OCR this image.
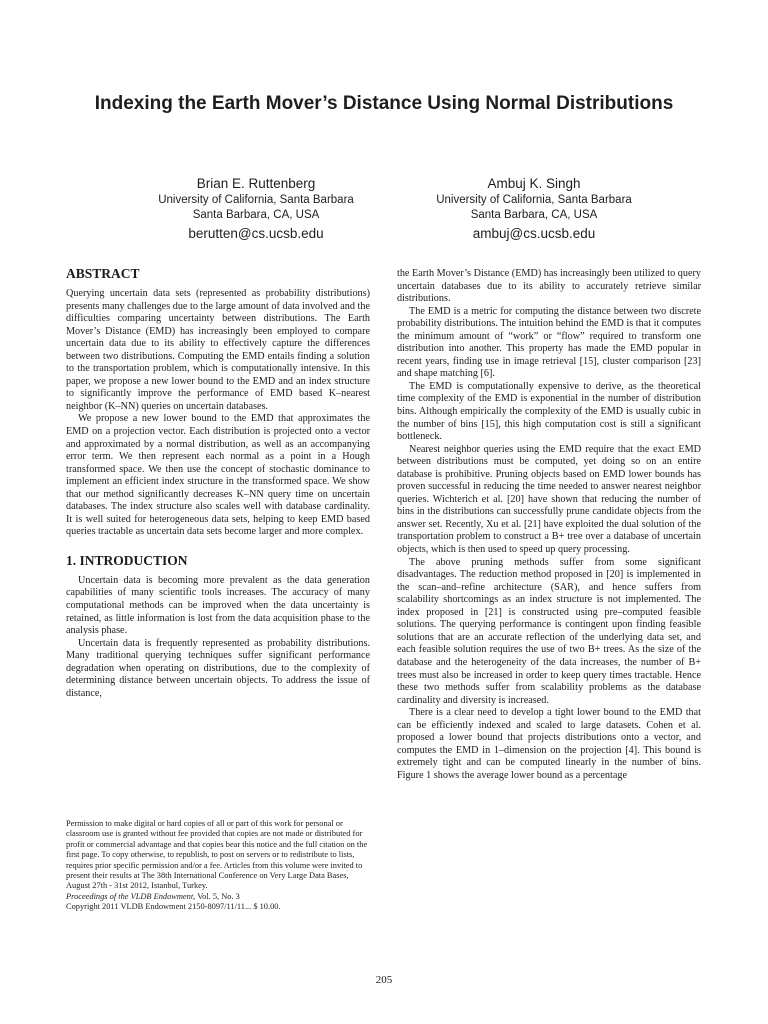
Indexing the Earth Mover’s Distance Using Normal Distributions
Brian E. Ruttenberg
University of California, Santa Barbara
Santa Barbara, CA, USA
berutten@cs.ucsb.edu
Ambuj K. Singh
University of California, Santa Barbara
Santa Barbara, CA, USA
ambuj@cs.ucsb.edu
ABSTRACT

Querying uncertain data sets (represented as probability distributions) presents many challenges due to the large amount of data involved and the difficulties comparing uncertainty between distributions. The Earth Mover’s Distance (EMD) has increasingly been employed to compare uncertain data due to its ability to effectively capture the differences between two distributions. Computing the EMD entails finding a solution to the transportation problem, which is computationally intensive. In this paper, we propose a new lower bound to the EMD and an index structure to significantly improve the performance of EMD based K–nearest neighbor (K–NN) queries on uncertain databases.

We propose a new lower bound to the EMD that approximates the EMD on a projection vector. Each distribution is projected onto a vector and approximated by a normal distribution, as well as an accompanying error term. We then represent each normal as a point in a Hough transformed space. We then use the concept of stochastic dominance to implement an efficient index structure in the transformed space. We show that our method significantly decreases K–NN query time on uncertain databases. The index structure also scales well with database cardinality. It is well suited for heterogeneous data sets, helping to keep EMD based queries tractable as uncertain data sets become larger and more complex.

1. INTRODUCTION

Uncertain data is becoming more prevalent as the data generation capabilities of many scientific tools increases. The accuracy of many computational methods can be improved when the data uncertainty is retained, as little information is lost from the data acquisition phase to the analysis phase.

Uncertain data is frequently represented as probability distributions. Many traditional querying techniques suffer significant performance degradation when operating on distributions, due to the complexity of determining distance between uncertain objects. To address the issue of distance,

the Earth Mover’s Distance (EMD) has increasingly been utilized to query uncertain databases due to its ability to accurately retrieve similar distributions.

The EMD is a metric for computing the distance between two discrete probability distributions. The intuition behind the EMD is that it computes the minimum amount of “work” or “flow” required to transform one distribution into another. This property has made the EMD popular in recent years, finding use in image retrieval [15], cluster comparison [23] and shape matching [6].

The EMD is computationally expensive to derive, as the theoretical time complexity of the EMD is exponential in the number of distribution bins. Although empirically the complexity of the EMD is usually cubic in the number of bins [15], this high computation cost is still a significant bottleneck.

Nearest neighbor queries using the EMD require that the exact EMD between distributions must be computed, yet doing so on an entire database is prohibitive. Pruning objects based on EMD lower bounds has proven successful in reducing the time needed to answer nearest neighbor queries. Wichterich et al. [20] have shown that reducing the number of bins in the distributions can successfully prune candidate objects from the answer set. Recently, Xu et al. [21] have exploited the dual solution of the transportation problem to construct a B+ tree over a database of uncertain objects, which is then used to speed up query processing.

The above pruning methods suffer from some significant disadvantages. The reduction method proposed in [20] is implemented in the scan–and–refine architecture (SAR), and hence suffers from scalability shortcomings as an index structure is not implemented. The index proposed in [21] is constructed using pre–computed feasible solutions. The querying performance is contingent upon finding feasible solutions that are an accurate reflection of the underlying data set, and each feasible solution requires the use of two B+ trees. As the size of the database and the heterogeneity of the data increases, the number of B+ trees must also be increased in order to keep query times tractable. Hence these two methods suffer from scalability problems as the database cardinality and diversity is increased.

There is a clear need to develop a tight lower bound to the EMD that can be efficiently indexed and scaled to large datasets. Cohen et al. proposed a lower bound that projects distributions onto a vector, and computes the EMD in 1–dimension on the projection [4]. This bound is extremely tight and can be computed linearly in the number of bins. Figure 1 shows the average lower bound as a percentage

Permission to make digital or hard copies of all or part of this work for personal or classroom use is granted without fee provided that copies are not made or distributed for profit or commercial advantage and that copies bear this notice and the full citation on the first page. To copy otherwise, to republish, to post on servers or to redistribute to lists, requires prior specific permission and/or a fee. Articles from this volume were invited to present their results at The 38th International Conference on Very Large Data Bases, August 27th - 31st 2012, Istanbul, Turkey.
Proceedings of the VLDB Endowment, Vol. 5, No. 3
Copyright 2011 VLDB Endowment 2150-8097/11/11... $ 10.00.
205
